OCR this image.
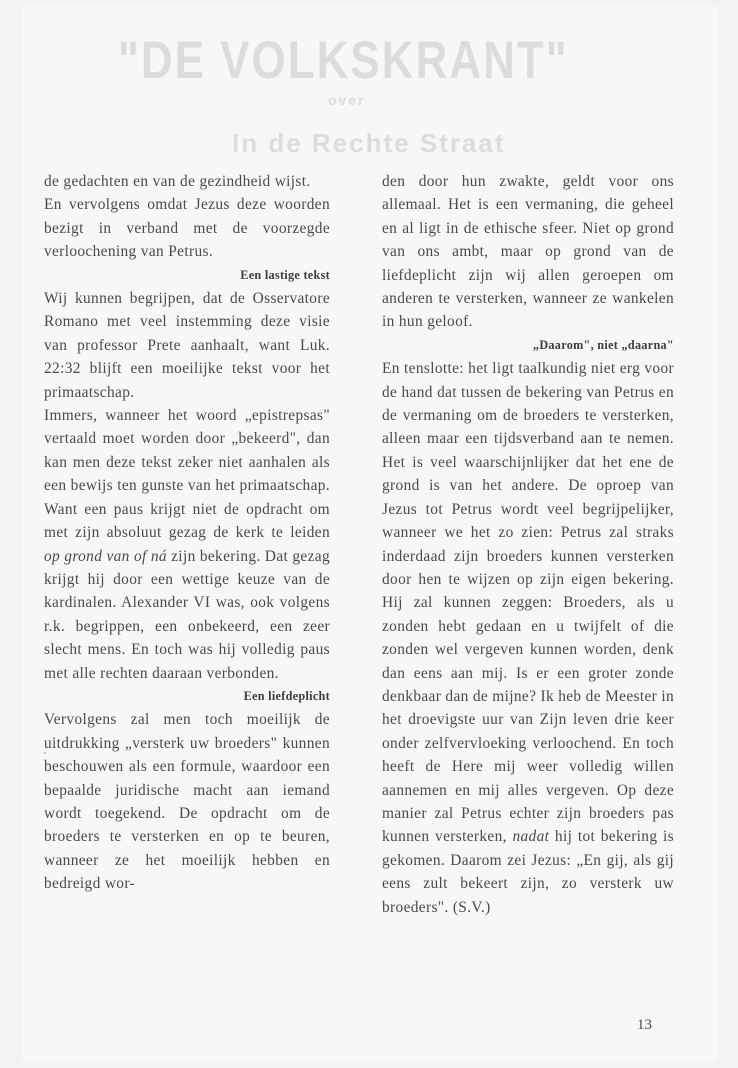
"DE VOLKSKRANT"
over
In de Rechte Straat

de gedachten en van de gezindheid wijst.

En vervolgens omdat Jezus deze woorden bezigt in verband met de voorzegde verloochening van Petrus.

Een lastige tekst

Wij kunnen begrijpen, dat de Osservatore Romano met veel instemming deze visie van professor Prete aanhaalt, want Luk. 22:32 blijft een moeilijke tekst voor het primaatschap.

Immers, wanneer het woord „epistrepsas" vertaald moet worden door „bekeerd", dan kan men deze tekst zeker niet aanhalen als een bewijs ten gunste van het primaatschap. Want een paus krijgt niet de opdracht om met zijn absoluut gezag de kerk te leiden op grond van of ná zijn bekering. Dat gezag krijgt hij door een wettige keuze van de kardinalen. Alexander VI was, ook volgens r.k. begrippen, een onbekeerd, een zeer slecht mens. En toch was hij volledig paus met alle rechten daaraan verbonden.

Een liefdeplicht

Vervolgens zal men toch moeilijk de uitdrukking „versterk uw broeders" kunnen beschouwen als een formule, waardoor een bepaalde juridische macht aan iemand wordt toegekend. De opdracht om de broeders te versterken en op te beuren, wanneer ze het moeilijk hebben en bedreigd wor-

den door hun zwakte, geldt voor ons allemaal. Het is een vermaning, die geheel en al ligt in de ethische sfeer. Niet op grond van ons ambt, maar op grond van de liefdeplicht zijn wij allen geroepen om anderen te versterken, wanneer ze wankelen in hun geloof.

„Daarom", niet „daarna"

En tenslotte: het ligt taalkundig niet erg voor de hand dat tussen de bekering van Petrus en de vermaning om de broeders te versterken, alleen maar een tijdsverband aan te nemen. Het is veel waarschijnlijker dat het ene de grond is van het andere. De oproep van Jezus tot Petrus wordt veel begrijpelijker, wanneer we het zo zien: Petrus zal straks inderdaad zijn broeders kunnen versterken door hen te wijzen op zijn eigen bekering. Hij zal kunnen zeggen: Broeders, als u zonden hebt gedaan en u twijfelt of die zonden wel vergeven kunnen worden, denk dan eens aan mij. Is er een groter zonde denkbaar dan de mijne? Ik heb de Meester in het droevigste uur van Zijn leven drie keer onder zelfvervloeking verloochend. En toch heeft de Here mij weer volledig willen aannemen en mij alles vergeven. Op deze manier zal Petrus echter zijn broeders pas kunnen versterken, nadat hij tot bekering is gekomen. Daarom zei Jezus: „En gij, als gij eens zult bekeert zijn, zo versterk uw broeders". (S.V.)

13
